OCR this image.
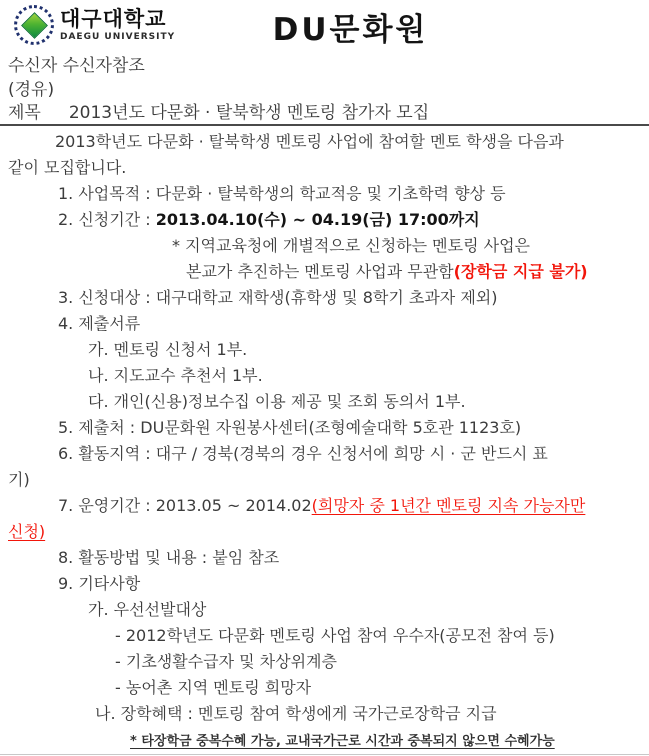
대구대학교
DAEGU UNIVERSITY	DU문화원
수신자 수신자참조
(경유)
제목 2013년도 다문화 · 탈북학생 멘토링 참가자 모집
2013학년도 다문화 · 탈북학생 멘토링 사업에 참여할 멘토 학생을 다음과
같이 모집합니다.
1. 사업목적 : 다문화 · 탈북학생의 학교적응 및 기초학력 향상 등
2. 신청기간 : 2013.04.10(수) ~ 04.19(금) 17:00까지
* 지역교육청에 개별적으로 신청하는 멘토링 사업은
본교가 추진하는 멘토링 사업과 무관함(장학금 지급 불가)
3. 신청대상 : 대구대학교 재학생(휴학생 및 8학기 초과자 제외)
4. 제출서류
가. 멘토링 신청서 1부.
나. 지도교수 추천서 1부.
다. 개인(신용)정보수집 이용 제공 및 조회 동의서 1부.
5. 제출처 : DU문화원 자원봉사센터(조형예술대학 5호관 1123호)
6. 활동지역 : 대구 / 경북(경북의 경우 신청서에 희망 시 · 군 반드시 표
기)
7. 운영기간 : 2013.05 ~ 2014.02(희망자 중 1년간 멘토링 지속 가능자만
신청)
8. 활동방법 및 내용 : 붙임 참조
9. 기타사항
가. 우선선발대상
- 2012학년도 다문화 멘토링 사업 참여 우수자(공모전 참여 등)
- 기초생활수급자 및 차상위계층
- 농어촌 지역 멘토링 희망자
나. 장학혜택 : 멘토링 참여 학생에게 국가근로장학금 지급
* 타장학금 중복수혜 가능, 교내국가근로 시간과 중복되지 않으면 수혜가능
